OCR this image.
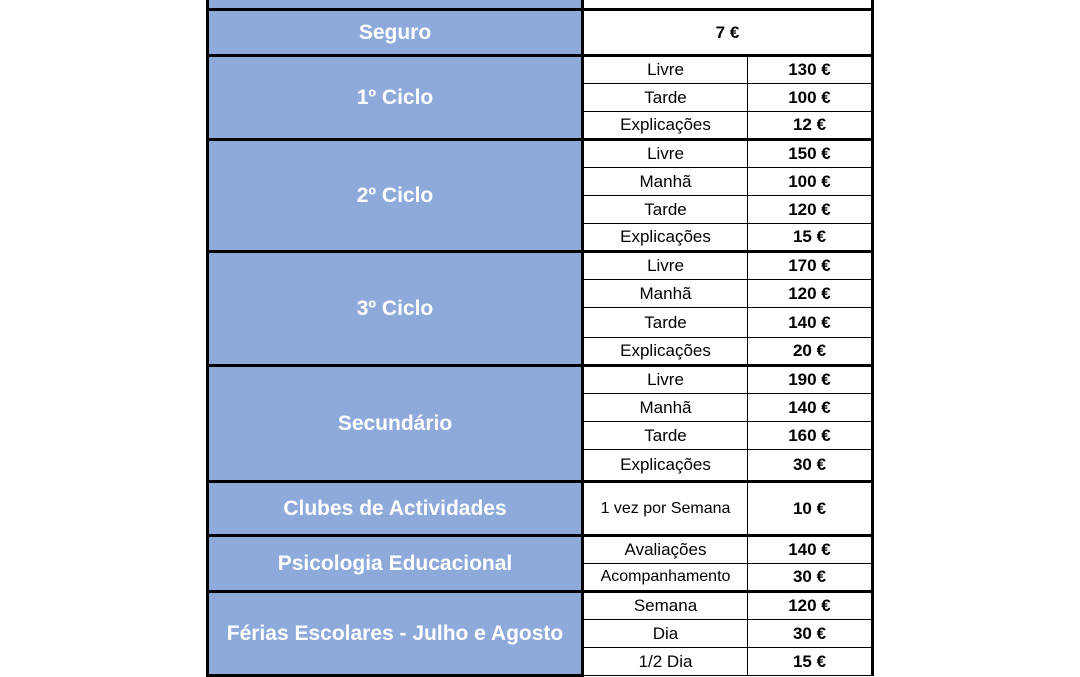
Seguro	7 €	
1º Ciclo	Livre	130 €
	Tarde	100 €
	Explicações	12 €
2º Ciclo	Livre	150 €
	Manhã	100 €
	Tarde	120 €
	Explicações	15 €
3º Ciclo	Livre	170 €
	Manhã	120 €
	Tarde	140 €
	Explicações	20 €
Secundário	Livre	190 €
	Manhã	140 €
	Tarde	160 €
	Explicações	30 €
Clubes de Actividades	1 vez por Semana	10 €
Psicologia Educacional	Avaliações	140 €
	Acompanhamento	30 €
Férias Escolares - Julho e Agosto	Semana	120 €
	Dia	30 €
	1/2 Dia	15 €
